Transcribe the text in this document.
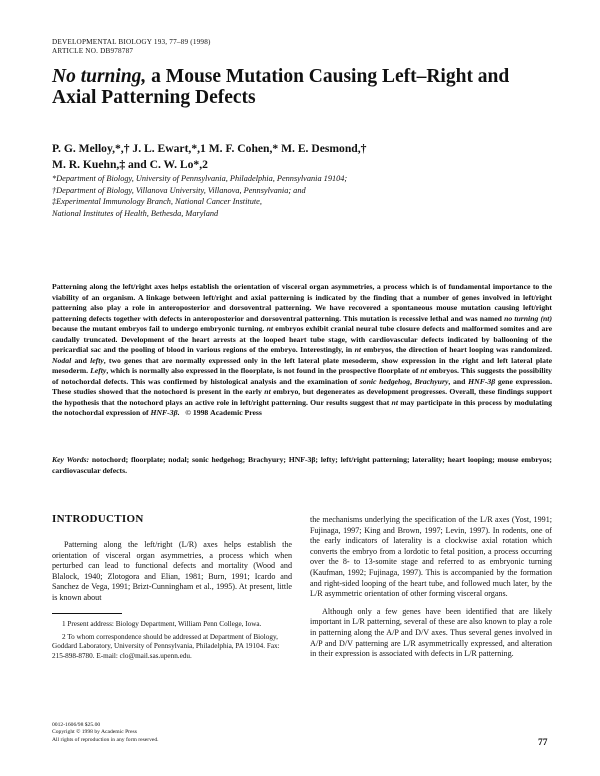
DEVELOPMENTAL BIOLOGY 193, 77–89 (1998)
ARTICLE NO. DB978787
No turning, a Mouse Mutation Causing Left–Right and Axial Patterning Defects
P. G. Melloy,*,† J. L. Ewart,*,1 M. F. Cohen,* M. E. Desmond,†
M. R. Kuehn,‡ and C. W. Lo*,2
*Department of Biology, University of Pennsylvania, Philadelphia, Pennsylvania 19104;
†Department of Biology, Villanova University, Villanova, Pennsylvania; and
‡Experimental Immunology Branch, National Cancer Institute,
National Institutes of Health, Bethesda, Maryland
Patterning along the left/right axes helps establish the orientation of visceral organ asymmetries, a process which is of fundamental importance to the viability of an organism. A linkage between left/right and axial patterning is indicated by the finding that a number of genes involved in left/right patterning also play a role in anteroposterior and dorsoventral patterning. We have recovered a spontaneous mouse mutation causing left/right patterning defects together with defects in anteroposterior and dorsoventral patterning. This mutation is recessive lethal and was named no turning (nt) because the mutant embryos fail to undergo embryonic turning. nt embryos exhibit cranial neural tube closure defects and malformed somites and are caudally truncated. Development of the heart arrests at the looped heart tube stage, with cardiovascular defects indicated by ballooning of the pericardial sac and the pooling of blood in various regions of the embryo. Interestingly, in nt embryos, the direction of heart looping was randomized. Nodal and lefty, two genes that are normally expressed only in the left lateral plate mesoderm, show expression in the right and left lateral plate mesoderm. Lefty, which is normally also expressed in the floorplate, is not found in the prospective floorplate of nt embryos. This suggests the possibility of notochordal defects. This was confirmed by histological analysis and the examination of sonic hedgehog, Brachyury, and HNF-3β gene expression. These studies showed that the notochord is present in the early nt embryo, but degenerates as development progresses. Overall, these findings support the hypothesis that the notochord plays an active role in left/right patterning. Our results suggest that nt may participate in this process by modulating the notochordal expression of HNF-3β. © 1998 Academic Press
Key Words: notochord; floorplate; nodal; sonic hedgehog; Brachyury; HNF-3β; lefty; left/right patterning; laterality; heart looping; mouse embryos; cardiovascular defects.
INTRODUCTION

Patterning along the left/right (L/R) axes helps establish the orientation of visceral organ asymmetries, a process which when perturbed can lead to functional defects and mortality (Wood and Blalock, 1940; Zlotogora and Elian, 1981; Burn, 1991; Icardo and Sanchez de Vega, 1991; Brizt-Cunningham et al., 1995). At present, little is known about

1 Present address: Biology Department, William Penn College, Iowa.

2 To whom correspondence should be addressed at Department of Biology, Goddard Laboratory, University of Pennsylvania, Philadelphia, PA 19104. Fax: 215-898-8780. E-mail: clo@mail.sas.upenn.edu.

the mechanisms underlying the specification of the L/R axes (Yost, 1991; Fujinaga, 1997; King and Brown, 1997; Levin, 1997). In rodents, one of the early indicators of laterality is a clockwise axial rotation which converts the embryo from a lordotic to fetal position, a process occurring over the 8- to 13-somite stage and referred to as embryonic turning (Kaufman, 1992; Fujinaga, 1997). This is accompanied by the formation and right-sided looping of the heart tube, and followed much later, by the L/R asymmetric orientation of other forming visceral organs.

Although only a few genes have been identified that are likely important in L/R patterning, several of these are also known to play a role in patterning along the A/P and D/V axes. Thus several genes involved in A/P and D/V patterning are L/R asymmetrically expressed, and alteration in their expression is associated with defects in L/R patterning.

0012-1606/98 $25.00
Copyright © 1998 by Academic Press
All rights of reproduction in any form reserved.	77
